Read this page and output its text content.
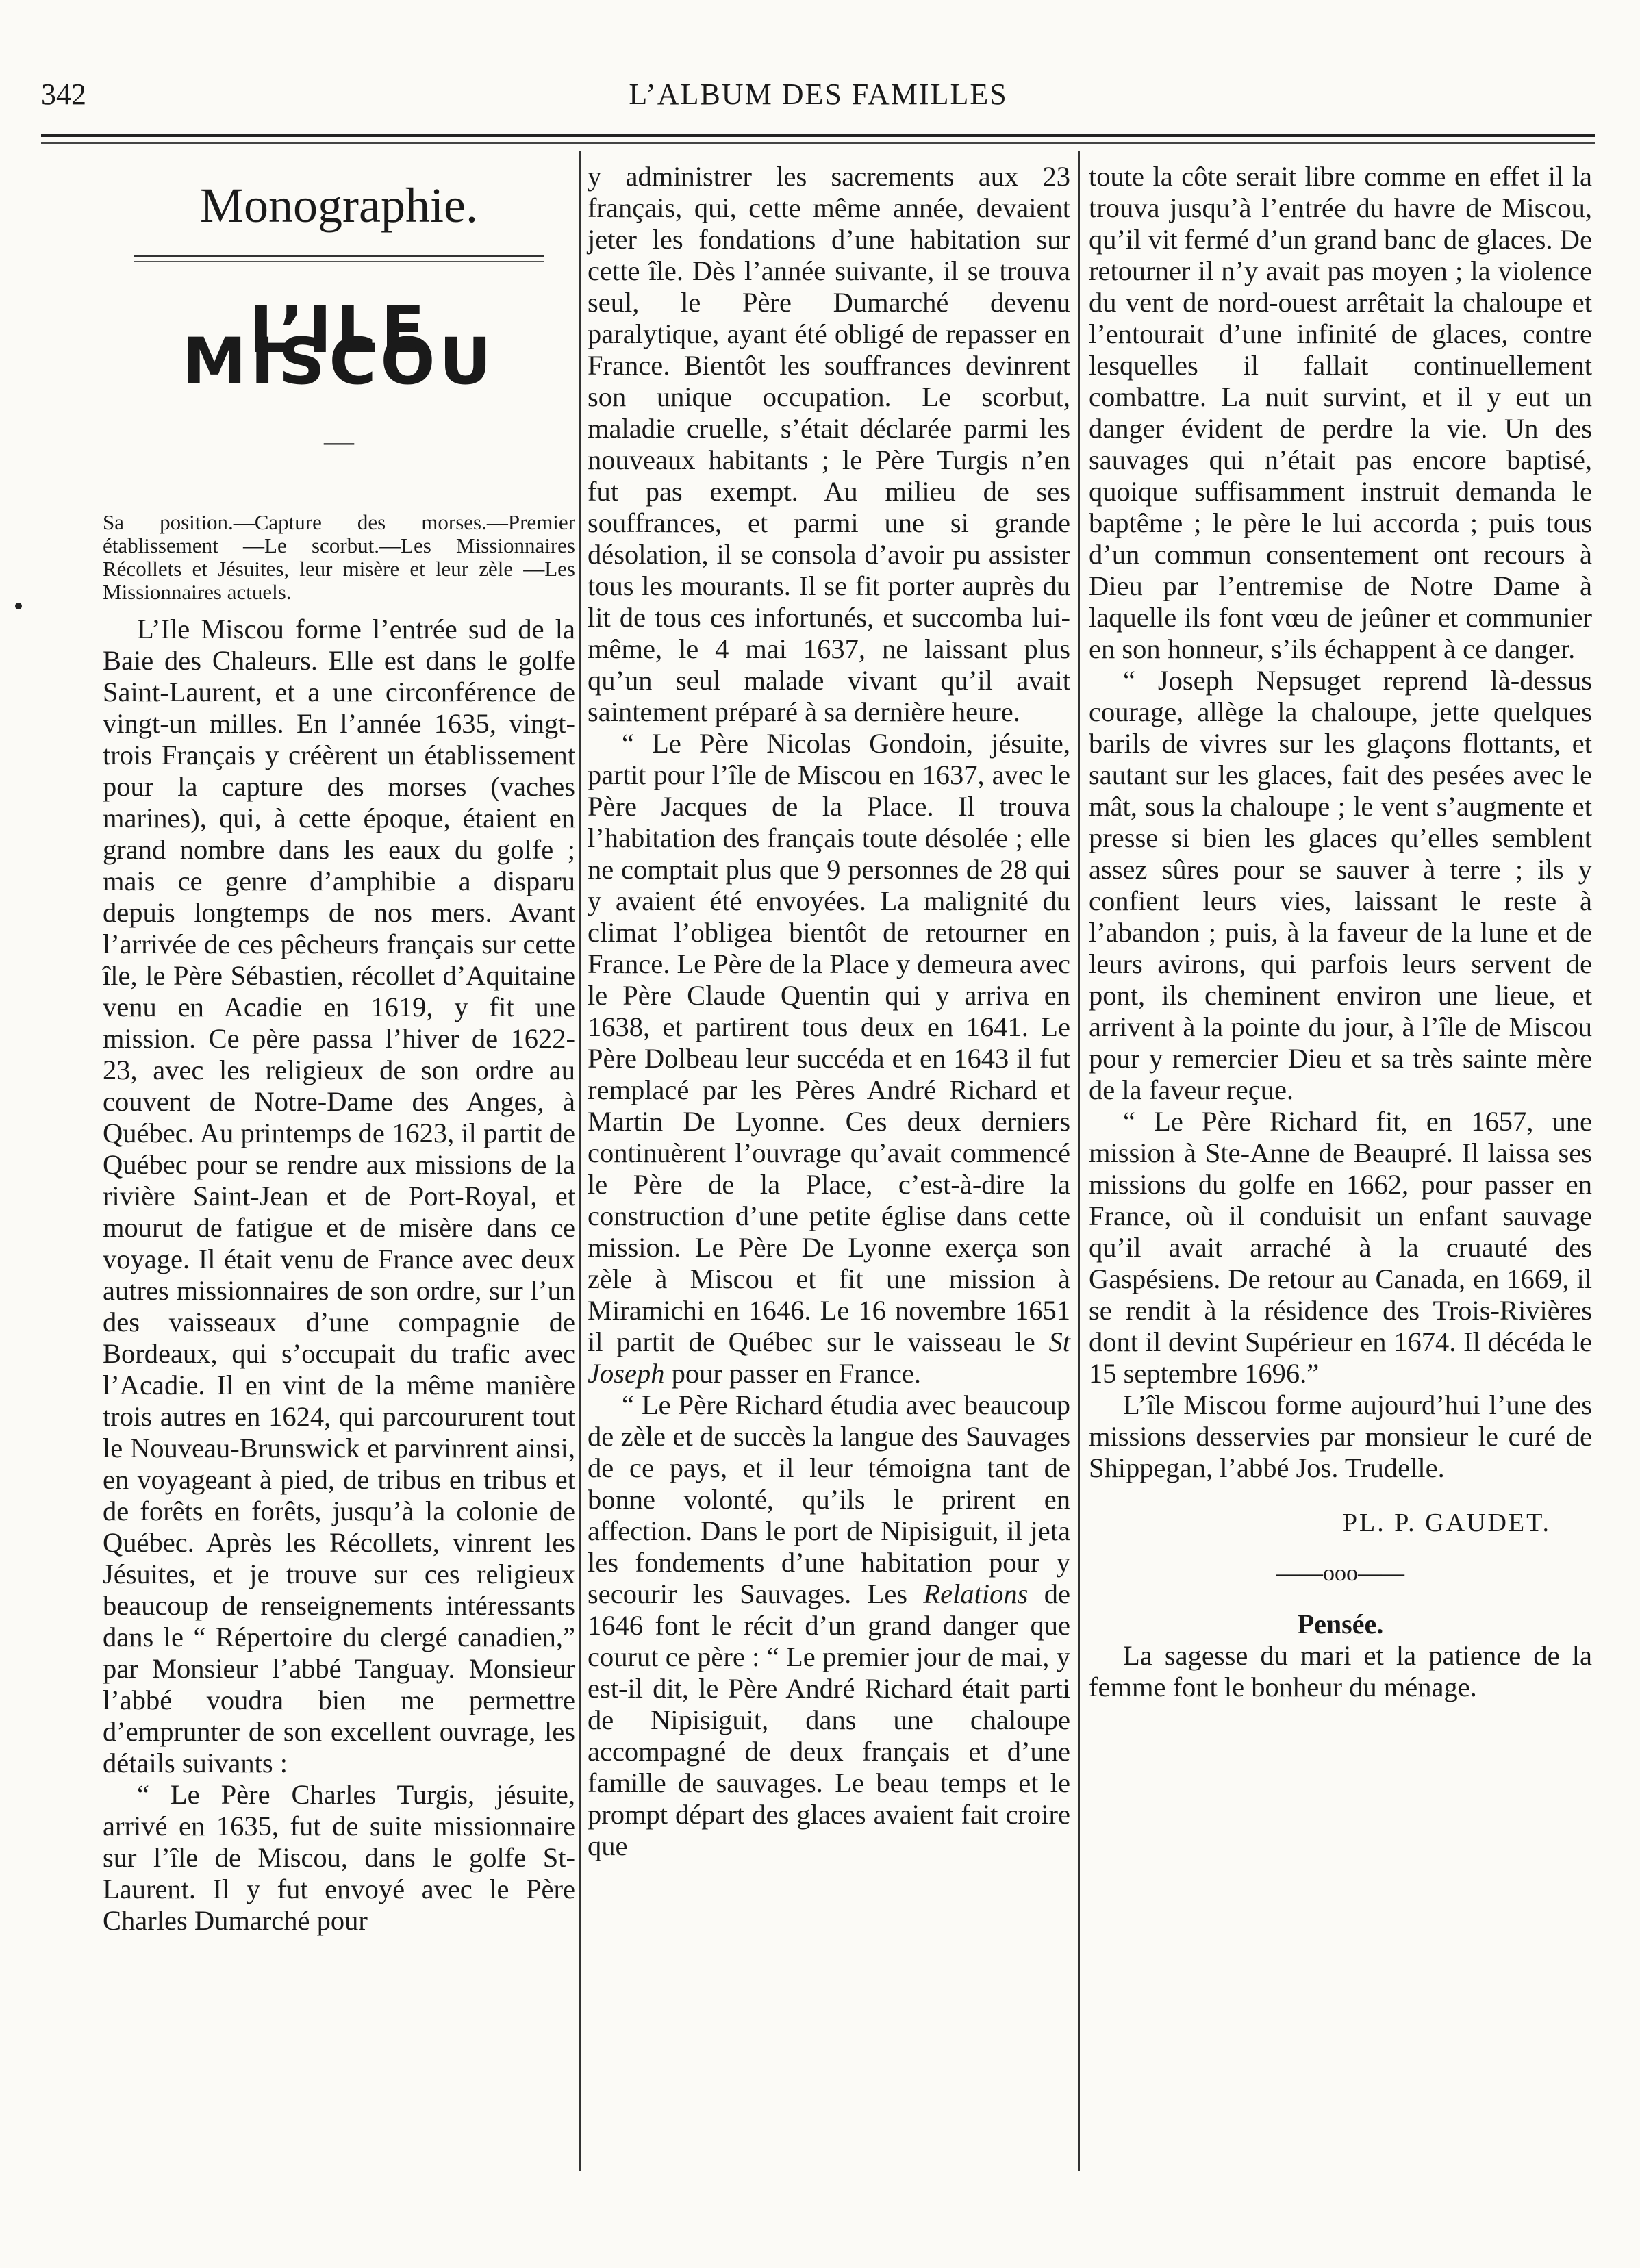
342	L’ALBUM DES FAMILLES
Monographie.
L’ILE MISCOU
—
Sa position.—Capture des morses.—Premier établissement —Le scorbut.—Les Missionnaires Récollets et Jésuites, leur misère et leur zèle —Les Missionnaires actuels.

L’Ile Miscou forme l’entrée sud de la Baie des Chaleurs. Elle est dans le golfe Saint-Laurent, et a une circonférence de vingt-un milles. En l’année 1635, vingt-trois Français y créèrent un établissement pour la capture des morses (vaches marines), qui, à cette époque, étaient en grand nombre dans les eaux du golfe ; mais ce genre d’amphibie a disparu depuis longtemps de nos mers. Avant l’arrivée de ces pêcheurs français sur cette île, le Père Sébastien, récollet d’Aquitaine venu en Acadie en 1619, y fit une mission. Ce père passa l’hiver de 1622-23, avec les religieux de son ordre au couvent de Notre-Dame des Anges, à Québec. Au printemps de 1623, il partit de Québec pour se rendre aux missions de la rivière Saint-Jean et de Port-Royal, et mourut de fatigue et de misère dans ce voyage. Il était venu de France avec deux autres missionnaires de son ordre, sur l’un des vaisseaux d’une compagnie de Bordeaux, qui s’occupait du trafic avec l’Acadie. Il en vint de la même manière trois autres en 1624, qui parcoururent tout le Nouveau-Brunswick et parvinrent ainsi, en voyageant à pied, de tribus en tribus et de forêts en forêts, jusqu’à la colonie de Québec. Après les Récollets, vinrent les Jésuites, et je trouve sur ces religieux beaucoup de renseignements intéressants dans le “ Répertoire du clergé canadien,” par Monsieur l’abbé Tanguay. Monsieur l’abbé voudra bien me permettre d’emprunter de son excellent ouvrage, les détails suivants :

“ Le Père Charles Turgis, jésuite, arrivé en 1635, fut de suite missionnaire sur l’île de Miscou, dans le golfe St-Laurent. Il y fut envoyé avec le Père Charles Dumarché pour

y administrer les sacrements aux 23 français, qui, cette même année, devaient jeter les fondations d’une habitation sur cette île. Dès l’année suivante, il se trouva seul, le Père Dumarché devenu paralytique, ayant été obligé de repasser en France. Bientôt les souffrances devinrent son unique occupation. Le scorbut, maladie cruelle, s’était déclarée parmi les nouveaux habitants ; le Père Turgis n’en fut pas exempt. Au milieu de ses souffrances, et parmi une si grande désolation, il se consola d’avoir pu assister tous les mourants. Il se fit porter auprès du lit de tous ces infortunés, et succomba lui-même, le 4 mai 1637, ne laissant plus qu’un seul malade vivant qu’il avait saintement préparé à sa dernière heure.

“ Le Père Nicolas Gondoin, jésuite, partit pour l’île de Miscou en 1637, avec le Père Jacques de la Place. Il trouva l’habitation des français toute désolée ; elle ne comptait plus que 9 personnes de 28 qui y avaient été envoyées. La malignité du climat l’obligea bientôt de retourner en France. Le Père de la Place y demeura avec le Père Claude Quentin qui y arriva en 1638, et partirent tous deux en 1641. Le Père Dolbeau leur succéda et en 1643 il fut remplacé par les Pères André Richard et Martin De Lyonne. Ces deux derniers continuèrent l’ouvrage qu’avait commencé le Père de la Place, c’est-à-dire la construction d’une petite église dans cette mission. Le Père De Lyonne exerça son zèle à Miscou et fit une mission à Miramichi en 1646. Le 16 novembre 1651 il partit de Québec sur le vaisseau le St Joseph pour passer en France.

“ Le Père Richard étudia avec beaucoup de zèle et de succès la langue des Sauvages de ce pays, et il leur témoigna tant de bonne volonté, qu’ils le prirent en affection. Dans le port de Nipisiguit, il jeta les fondements d’une habitation pour y secourir les Sauvages. Les Relations de 1646 font le récit d’un grand danger que courut ce père : “ Le premier jour de mai, y est-il dit, le Père André Richard était parti de Nipisiguit, dans une chaloupe accompagné de deux français et d’une famille de sauvages. Le beau temps et le prompt départ des glaces avaient fait croire que

toute la côte serait libre comme en effet il la trouva jusqu’à l’entrée du havre de Miscou, qu’il vit fermé d’un grand banc de glaces. De retourner il n’y avait pas moyen ; la violence du vent de nord-ouest arrêtait la chaloupe et l’entourait d’une infinité de glaces, contre lesquelles il fallait continuellement combattre. La nuit survint, et il y eut un danger évident de perdre la vie. Un des sauvages qui n’était pas encore baptisé, quoique suffisamment instruit demanda le baptême ; le père le lui accorda ; puis tous d’un commun consentement ont recours à Dieu par l’entremise de Notre Dame à laquelle ils font vœu de jeûner et communier en son honneur, s’ils échappent à ce danger.

“ Joseph Nepsuget reprend là-dessus courage, allège la chaloupe, jette quelques barils de vivres sur les glaçons flottants, et sautant sur les glaces, fait des pesées avec le mât, sous la chaloupe ; le vent s’augmente et presse si bien les glaces qu’elles semblent assez sûres pour se sauver à terre ; ils y confient leurs vies, laissant le reste à l’abandon ; puis, à la faveur de la lune et de leurs avirons, qui parfois leurs servent de pont, ils cheminent environ une lieue, et arrivent à la pointe du jour, à l’île de Miscou pour y remercier Dieu et sa très sainte mère de la faveur reçue.

“ Le Père Richard fit, en 1657, une mission à Ste-Anne de Beaupré. Il laissa ses missions du golfe en 1662, pour passer en France, où il conduisit un enfant sauvage qu’il avait arraché à la cruauté des Gaspésiens. De retour au Canada, en 1669, il se rendit à la résidence des Trois-Rivières dont il devint Supérieur en 1674. Il décéda le 15 septembre 1696.”

L’île Miscou forme aujourd’hui l’une des missions desservies par monsieur le curé de Shippegan, l’abbé Jos. Trudelle.

PL. P. GAUDET.
——ooo——
Pensée.

La sagesse du mari et la patience de la femme font le bonheur du ménage.
